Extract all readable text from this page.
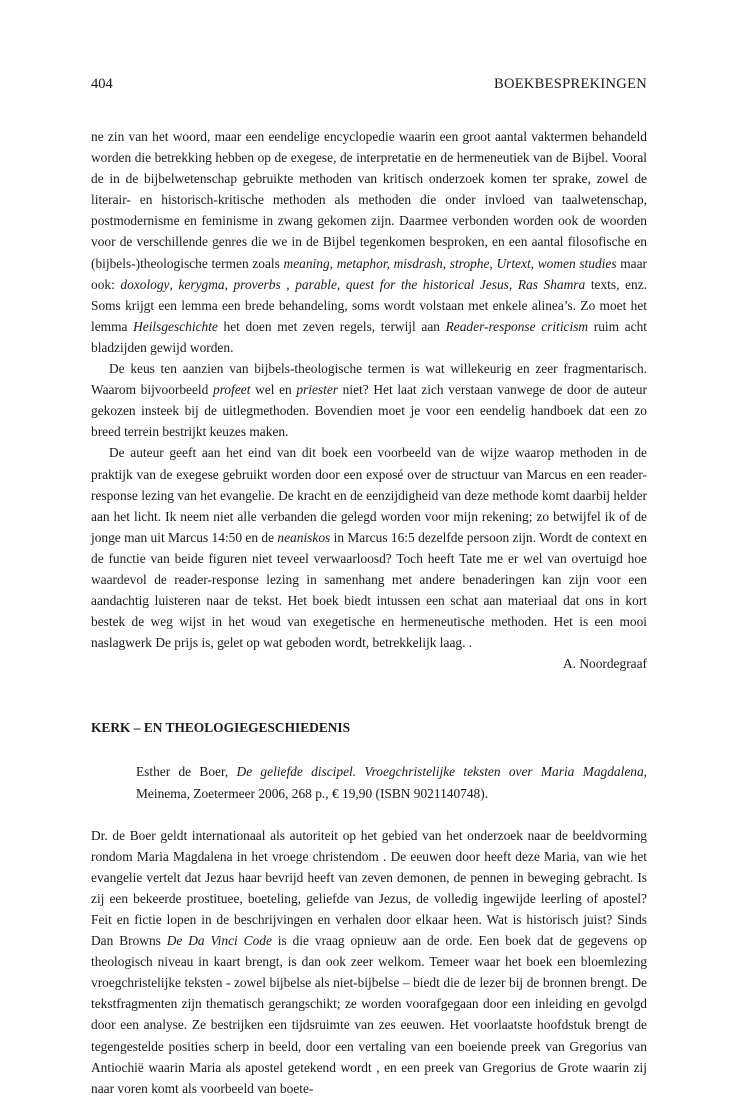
404	BOEKBESPREKINGEN

ne zin van het woord, maar een eendelige encyclopedie waarin een groot aantal vaktermen behandeld worden die betrekking hebben op de exegese, de interpretatie en de hermeneutiek van de Bijbel. Vooral de in de bijbelwetenschap gebruikte methoden van kritisch onderzoek komen ter sprake, zowel de literair- en historisch-kritische methoden als methoden die onder invloed van taalwetenschap, postmodernisme en feminisme in zwang gekomen zijn. Daarmee verbonden worden ook de woorden voor de verschillende genres die we in de Bijbel tegenkomen besproken, en een aantal filosofische en (bijbels-)theologische termen zoals meaning, metaphor, misdrash, strophe, Urtext, women studies maar ook: doxology, kerygma, proverbs , parable, quest for the historical Jesus, Ras Shamra texts, enz. Soms krijgt een lemma een brede behandeling, soms wordt volstaan met enkele alinea’s. Zo moet het lemma Heilsgeschichte het doen met zeven regels, terwijl aan Reader-response criticism ruim acht bladzijden gewijd worden.

De keus ten aanzien van bijbels-theologische termen is wat willekeurig en zeer fragmentarisch. Waarom bijvoorbeeld profeet wel en priester niet? Het laat zich verstaan vanwege de door de auteur gekozen insteek bij de uitlegmethoden. Bovendien moet je voor een eendelig handboek dat een zo breed terrein bestrijkt keuzes maken.

De auteur geeft aan het eind van dit boek een voorbeeld van de wijze waarop methoden in de praktijk van de exegese gebruikt worden door een exposé over de structuur van Marcus en een reader-response lezing van het evangelie. De kracht en de eenzijdigheid van deze methode komt daarbij helder aan het licht. Ik neem niet alle verbanden die gelegd worden voor mijn rekening; zo betwijfel ik of de jonge man uit Marcus 14:50 en de neaniskos in Marcus 16:5 dezelfde persoon zijn. Wordt de context en de functie van beide figuren niet teveel verwaarloosd? Toch heeft Tate me er wel van overtuigd hoe waardevol de reader-response lezing in samenhang met andere benaderingen kan zijn voor een aandachtig luisteren naar de tekst. Het boek biedt intussen een schat aan materiaal dat ons in kort bestek de weg wijst in het woud van exegetische en hermeneutische methoden. Het is een mooi naslagwerk De prijs is, gelet op wat geboden wordt, betrekkelijk laag. .

A. Noordegraaf
KERK – EN THEOLOGIEGESCHIEDENIS

Esther de Boer, De geliefde discipel. Vroegchristelijke teksten over Maria Magdalena, Meinema, Zoetermeer 2006, 268 p., € 19,90 (ISBN 9021140748).

Dr. de Boer geldt internationaal als autoriteit op het gebied van het onderzoek naar de beeldvorming rondom Maria Magdalena in het vroege christendom . De eeuwen door heeft deze Maria, van wie het evangelie vertelt dat Jezus haar bevrijd heeft van zeven demonen, de pennen in beweging gebracht. Is zij een bekeerde prostituee, boeteling, geliefde van Jezus, de volledig ingewijde leerling of apostel? Feit en fictie lopen in de beschrijvingen en verhalen door elkaar heen. Wat is historisch juist? Sinds Dan Browns De Da Vinci Code is die vraag opnieuw aan de orde. Een boek dat de gegevens op theologisch niveau in kaart brengt, is dan ook zeer welkom. Temeer waar het boek een bloemlezing vroegchristelijke teksten - zowel bijbelse als niet-bijbelse – biedt die de lezer bij de bronnen brengt. De tekstfragmenten zijn thematisch gerangschikt; ze worden voorafgegaan door een inleiding en gevolgd door een analyse. Ze bestrijken een tijdsruimte van zes eeuwen. Het voorlaatste hoofdstuk brengt de tegengestelde posities scherp in beeld, door een vertaling van een boeiende preek van Gregorius van Antiochië waarin Maria als apostel getekend wordt , en een preek van Gregorius de Grote waarin zij naar voren komt als voorbeeld van boete-
